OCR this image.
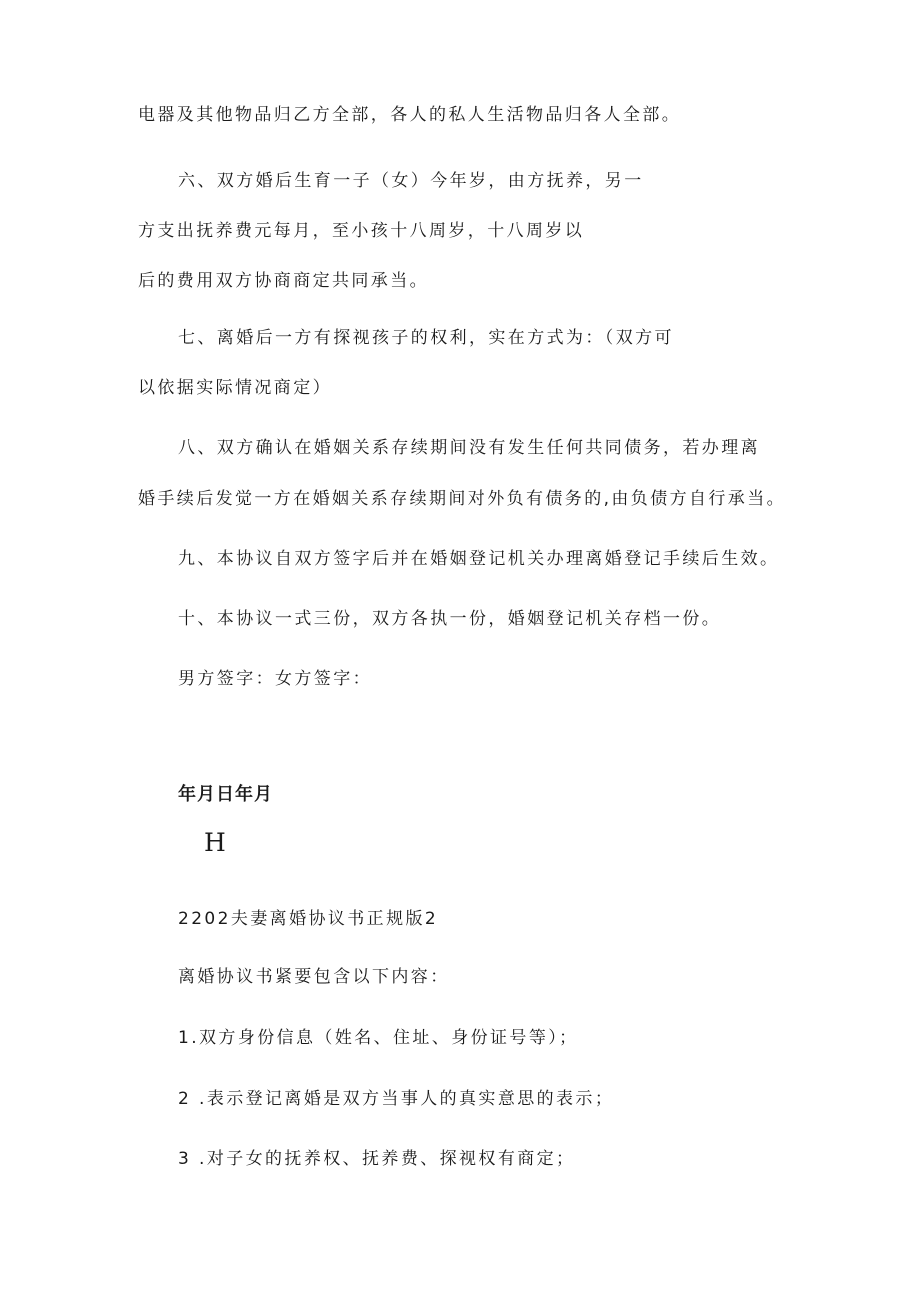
电器及其他物品归乙方全部，各人的私人生活物品归各人全部。
六、双方婚后生育一子（女）今年岁，由方抚养，另一
方支出抚养费元每月，至小孩十八周岁，十八周岁以
后的费用双方协商商定共同承当。
七、离婚后一方有探视孩子的权利，实在方式为：（双方可
以依据实际情况商定）
八、双方确认在婚姻关系存续期间没有发生任何共同债务，若办理离
婚手续后发觉一方在婚姻关系存续期间对外负有债务的,由负债方自行承当。
九、本协议自双方签字后并在婚姻登记机关办理离婚登记手续后生效。
十、本协议一式三份，双方各执一份，婚姻登记机关存档一份。
男方签字：女方签字：
年月日年月
H
2202夫妻离婚协议书正规版2
离婚协议书紧要包含以下内容：
1.双方身份信息（姓名、住址、身份证号等）；
2 .表示登记离婚是双方当事人的真实意思的表示；
3 .对子女的抚养权、抚养费、探视权有商定；
